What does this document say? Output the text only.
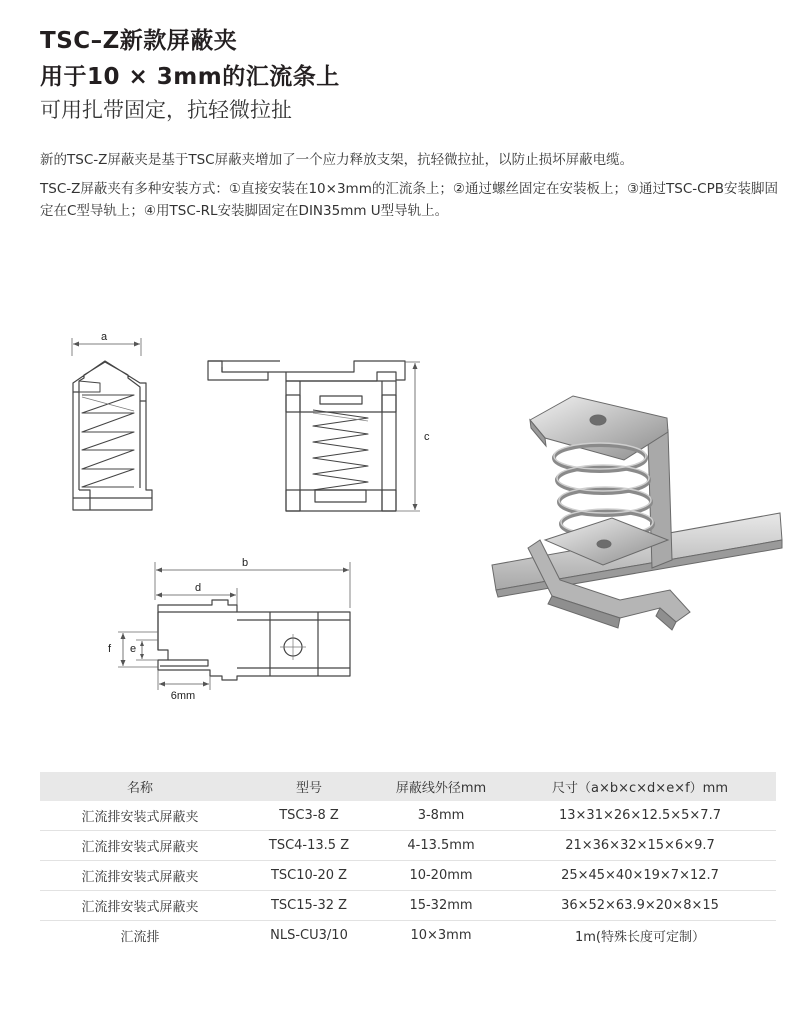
TSC–Z新款屏蔽夹
用于10 × 3mm的汇流条上
可用扎带固定，抗轻微拉扯

新的TSC-Z屏蔽夹是基于TSC屏蔽夹增加了一个应力释放支架，抗轻微拉扯，以防止损坏屏蔽电缆。

TSC-Z屏蔽夹有多种安装方式：①直接安装在10×3mm的汇流条上；②通过螺丝固定在安装板上；③通过TSC-CPB安装脚固定在C型导轨上；④用TSC-RL安装脚固定在DIN35mm U型导轨上。

a
c
b
d
f e
6mm
名称	型号	屏蔽线外径mm	尺寸（a×b×c×d×e×f）mm
汇流排安装式屏蔽夹	TSC3-8 Z	3-8mm	13×31×26×12.5×5×7.7
汇流排安装式屏蔽夹	TSC4-13.5 Z	4-13.5mm	21×36×32×15×6×9.7
汇流排安装式屏蔽夹	TSC10-20 Z	10-20mm	25×45×40×19×7×12.7
汇流排安装式屏蔽夹	TSC15-32 Z	15-32mm	36×52×63.9×20×8×15
汇流排	NLS-CU3/10	10×3mm	1m(特殊长度可定制）
